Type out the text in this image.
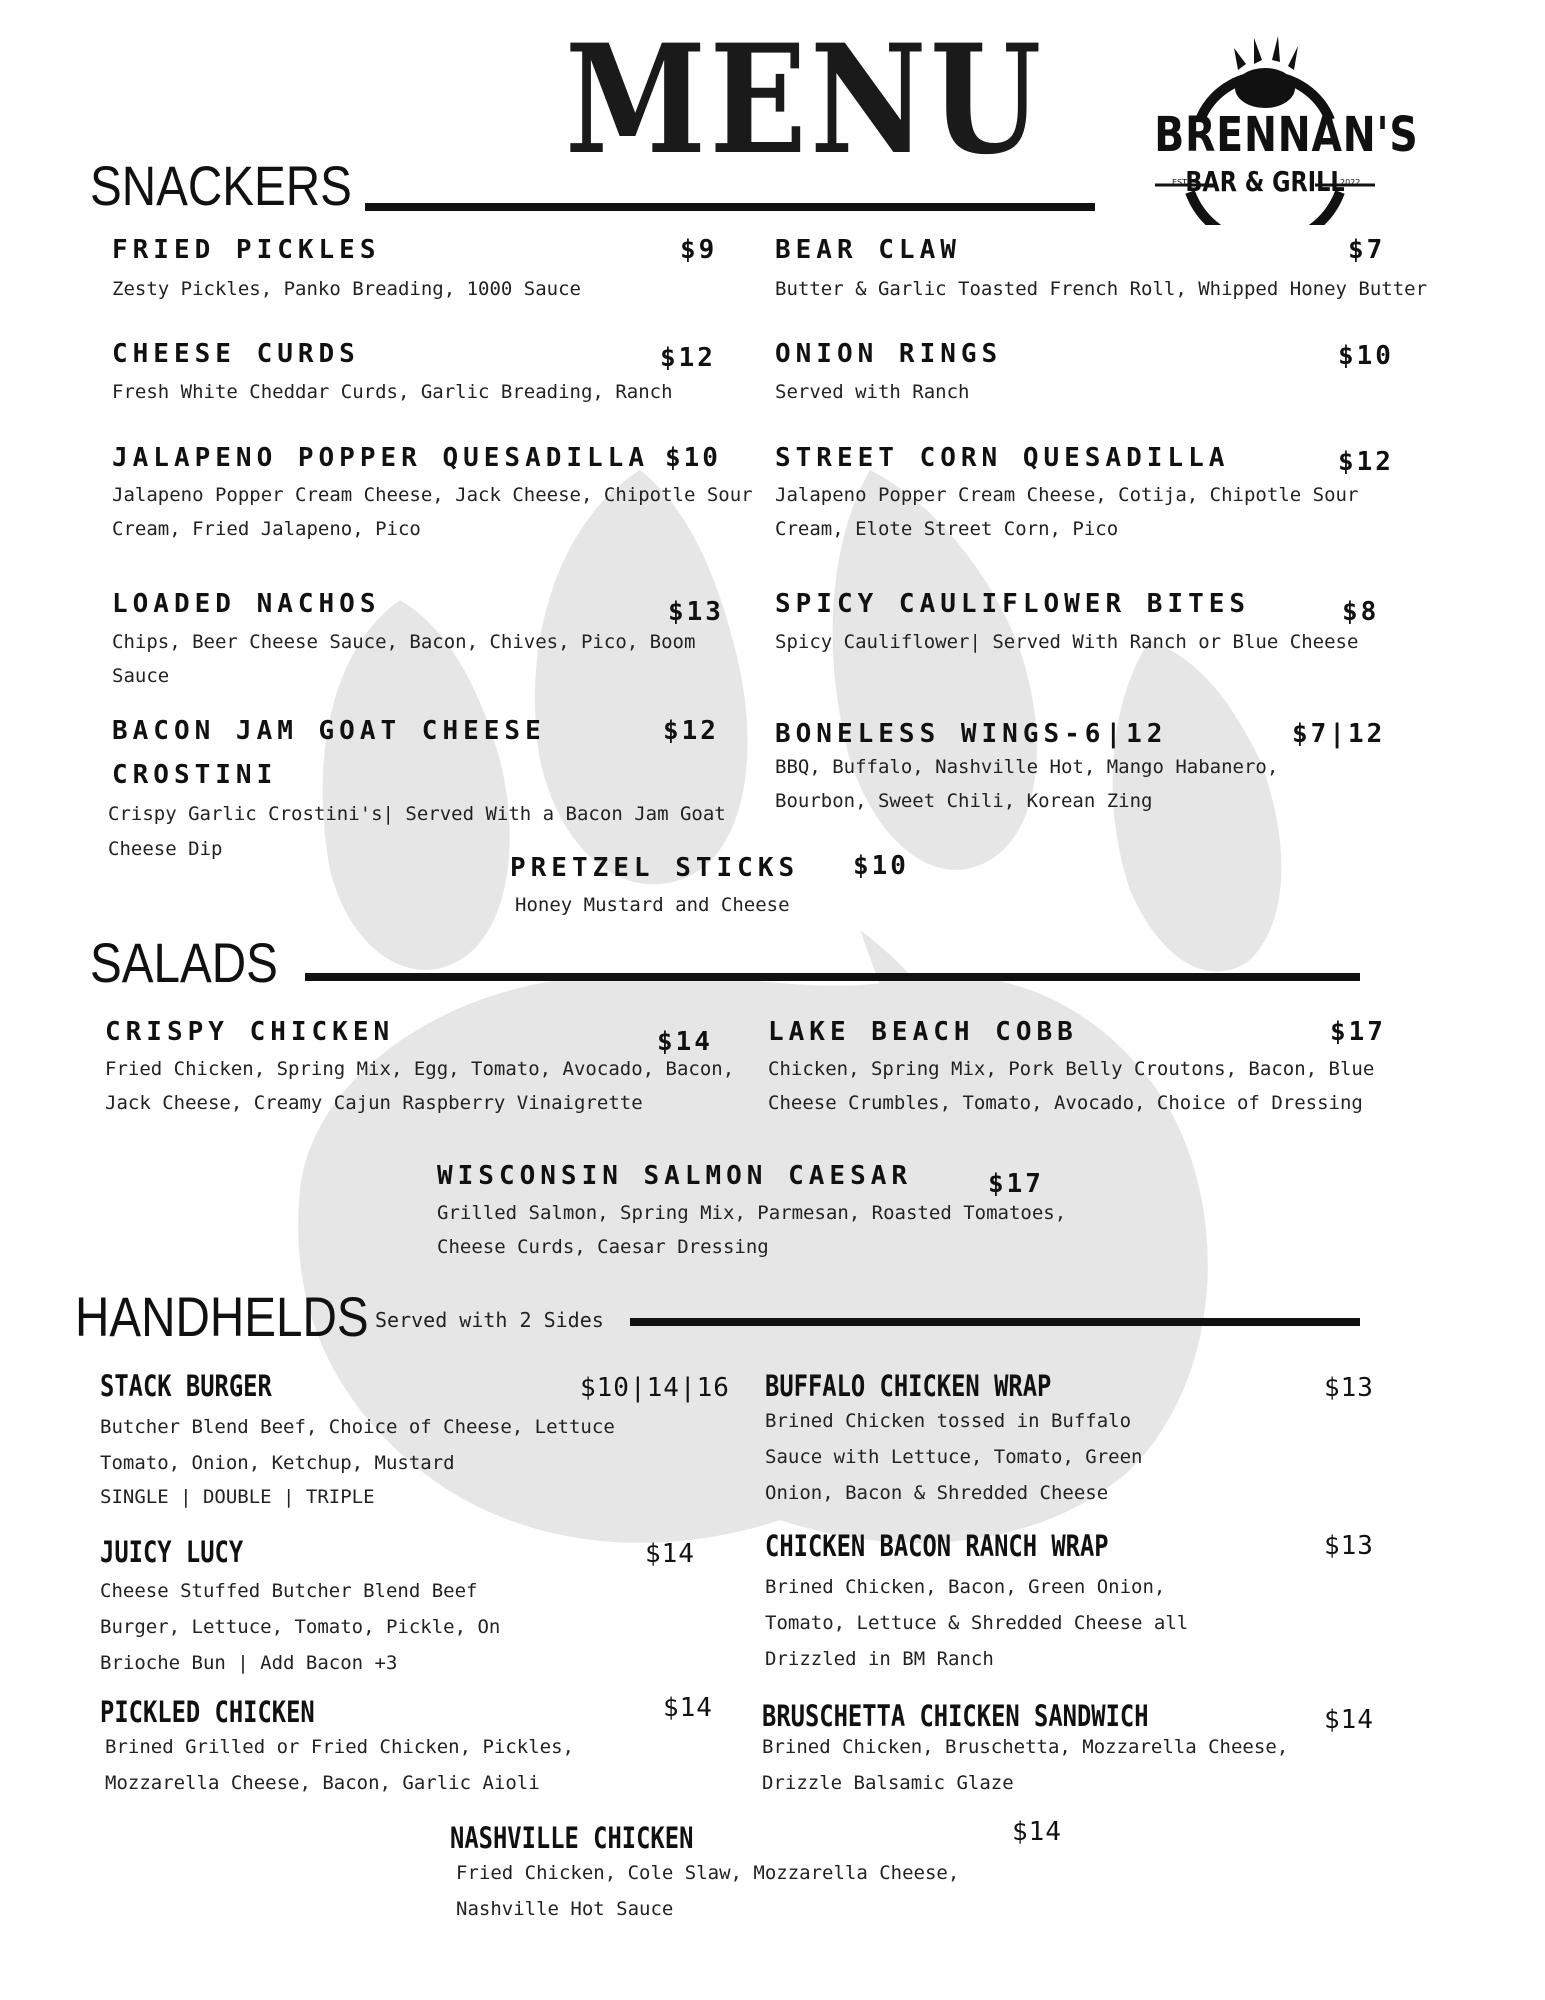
MENU BRENNAN'S
BAR & GRILL
EST	2022
SNACKERS
FRIED PICKLES	$9
Zesty Pickles, Panko Breading, 1000 Sauce
BEAR CLAW	$7
Butter & Garlic Toasted French Roll, Whipped Honey Butter
CHEESE CURDS	$12
Fresh White Cheddar Curds, Garlic Breading, Ranch
ONION RINGS	$10
Served with Ranch
JALAPENO POPPER QUESADILLA $10
Jalapeno Popper Cream Cheese, Jack Cheese, Chipotle Sour
Cream, Fried Jalapeno, Pico
STREET CORN QUESADILLA	$12
Jalapeno Popper Cream Cheese, Cotija, Chipotle Sour
Cream, Elote Street Corn, Pico
LOADED NACHOS	$13
Chips, Beer Cheese Sauce, Bacon, Chives, Pico, Boom
Sauce
SPICY CAULIFLOWER BITES	$8
Spicy Cauliflower| Served With Ranch or Blue Cheese
BACON JAM GOAT CHEESE
CROSTINI
$12
Crispy Garlic Crostini's| Served With a Bacon Jam Goat
Cheese Dip
BONELESS WINGS-6|12	$7|12
BBQ, Buffalo, Nashville Hot, Mango Habanero,
Bourbon, Sweet Chili, Korean Zing
PRETZEL STICKS $10
Honey Mustard and Cheese
SALADS
CRISPY CHICKEN	$14
Fried Chicken, Spring Mix, Egg, Tomato, Avocado, Bacon,
Jack Cheese, Creamy Cajun Raspberry Vinaigrette
LAKE BEACH COBB	$17
Chicken, Spring Mix, Pork Belly Croutons, Bacon, Blue
Cheese Crumbles, Tomato, Avocado, Choice of Dressing
WISCONSIN SALMON CAESAR	$17
Grilled Salmon, Spring Mix, Parmesan, Roasted Tomatoes,
Cheese Curds, Caesar Dressing
HANDHELDS Served with 2 Sides
STACK BURGER	$10|14|16
Butcher Blend Beef, Choice of Cheese, Lettuce
Tomato, Onion, Ketchup, Mustard
SINGLE | DOUBLE | TRIPLE
BUFFALO CHICKEN WRAP	$13
Brined Chicken tossed in Buffalo
Sauce with Lettuce, Tomato, Green
Onion, Bacon & Shredded Cheese
JUICY LUCY	$14
Cheese Stuffed Butcher Blend Beef
Burger, Lettuce, Tomato, Pickle, On
Brioche Bun | Add Bacon +3
CHICKEN BACON RANCH WRAP	$13
Brined Chicken, Bacon, Green Onion,
Tomato, Lettuce & Shredded Cheese all
Drizzled in BM Ranch
PICKLED CHICKEN	$14
Brined Grilled or Fried Chicken, Pickles,
Mozzarella Cheese, Bacon, Garlic Aioli
BRUSCHETTA CHICKEN SANDWICH	$14
Brined Chicken, Bruschetta, Mozzarella Cheese,
Drizzle Balsamic Glaze
NASHVILLE CHICKEN	$14
Fried Chicken, Cole Slaw, Mozzarella Cheese,
Nashville Hot Sauce
